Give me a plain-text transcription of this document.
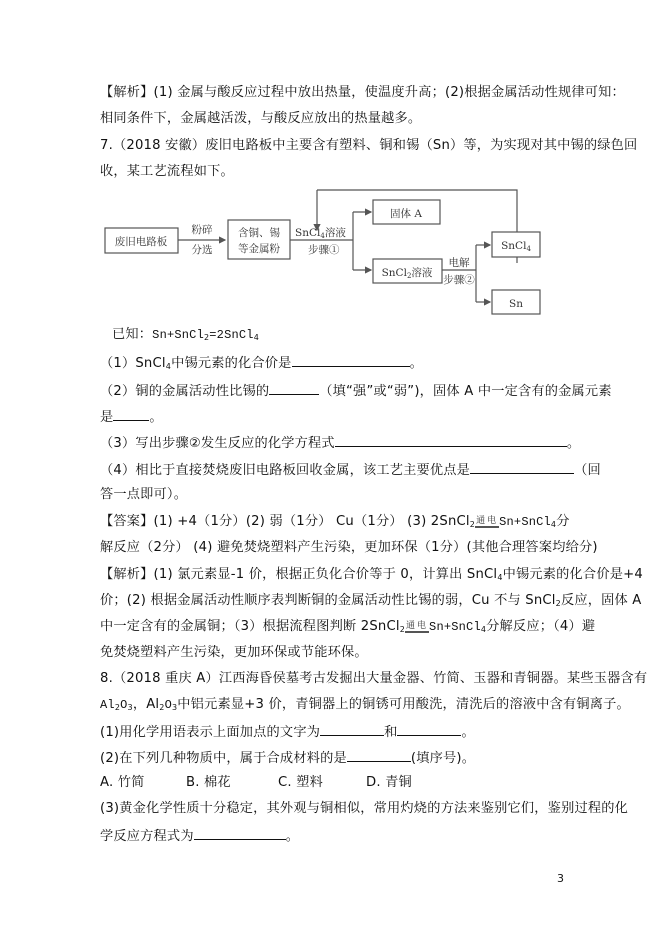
【解析】(1) 金属与酸反应过程中放出热量，使温度升高；(2)根据金属活动性规律可知：
相同条件下，金属越活泼，与酸反应放出的热量越多。
7.（2018 安徽）废旧电路板中主要含有塑料、铜和锡（Sn）等，为实现对其中锡的绿色回
收，某工艺流程如下。
废旧电路板
粉碎
分选
含铜、锡
等金属粉
SnCl4溶液
步骤①
固体 A
SnCl2溶液
电解
步骤②
SnCl4
Sn
已知：Sn+SnCl$_2$=2SnCl$_4$
（1）SnCl$_4$中锡元素的化合价是	。
（2）铜的金属活动性比锡的	（填“强”或“弱”)，固体 A 中一定含有的金属元素
是	。
（3）写出步骤②发生反应的化学方程式	。
（4）相比于直接焚烧废旧电路板回收金属，该工艺主要优点是	（回
答一点即可）。
【答案】(1) +4（1分）(2) 弱（1分） Cu（1分） (3) 2SnCl$_2$通电Sn+SnCl$_4$分
解反应（2分） (4) 避免焚烧塑料产生污染，更加环保（1分）(其他合理答案均给分)
【解析】(1) 氯元素显-1 价，根据正负化合价等于 0，计算出 SnCl$_4$中锡元素的化合价是+4
价；(2) 根据金属活动性顺序表判断铜的金属活动性比锡的弱，Cu 不与 SnCl$_2$反应，固体 A
中一定含有的金属铜；（3）根据流程图判断 2SnCl$_2$通电Sn+SnCl$_4$分解反应；（4）避
免焚烧塑料产生污染，更加环保或节能环保。
8.（2018 重庆 A）江西海昏侯墓考古发掘出大量金器、竹简、玉器和青铜器。某些玉器含有
$Al_2O_3$，$Al_2O_3$中铝元素显+3 价，青铜器上的铜锈可用酸洗，清洗后的溶液中含有铜离子。
(1)用化学用语表示上面加点的文字为	和	。
(2)在下列几种物质中，属于合成材料的是	(填序号)。
A. 竹简	B. 棉花	C. 塑料	D. 青铜
(3)黄金化学性质十分稳定，其外观与铜相似，常用灼烧的方法来鉴别它们，鉴别过程的化
学反应方程式为	。
3
